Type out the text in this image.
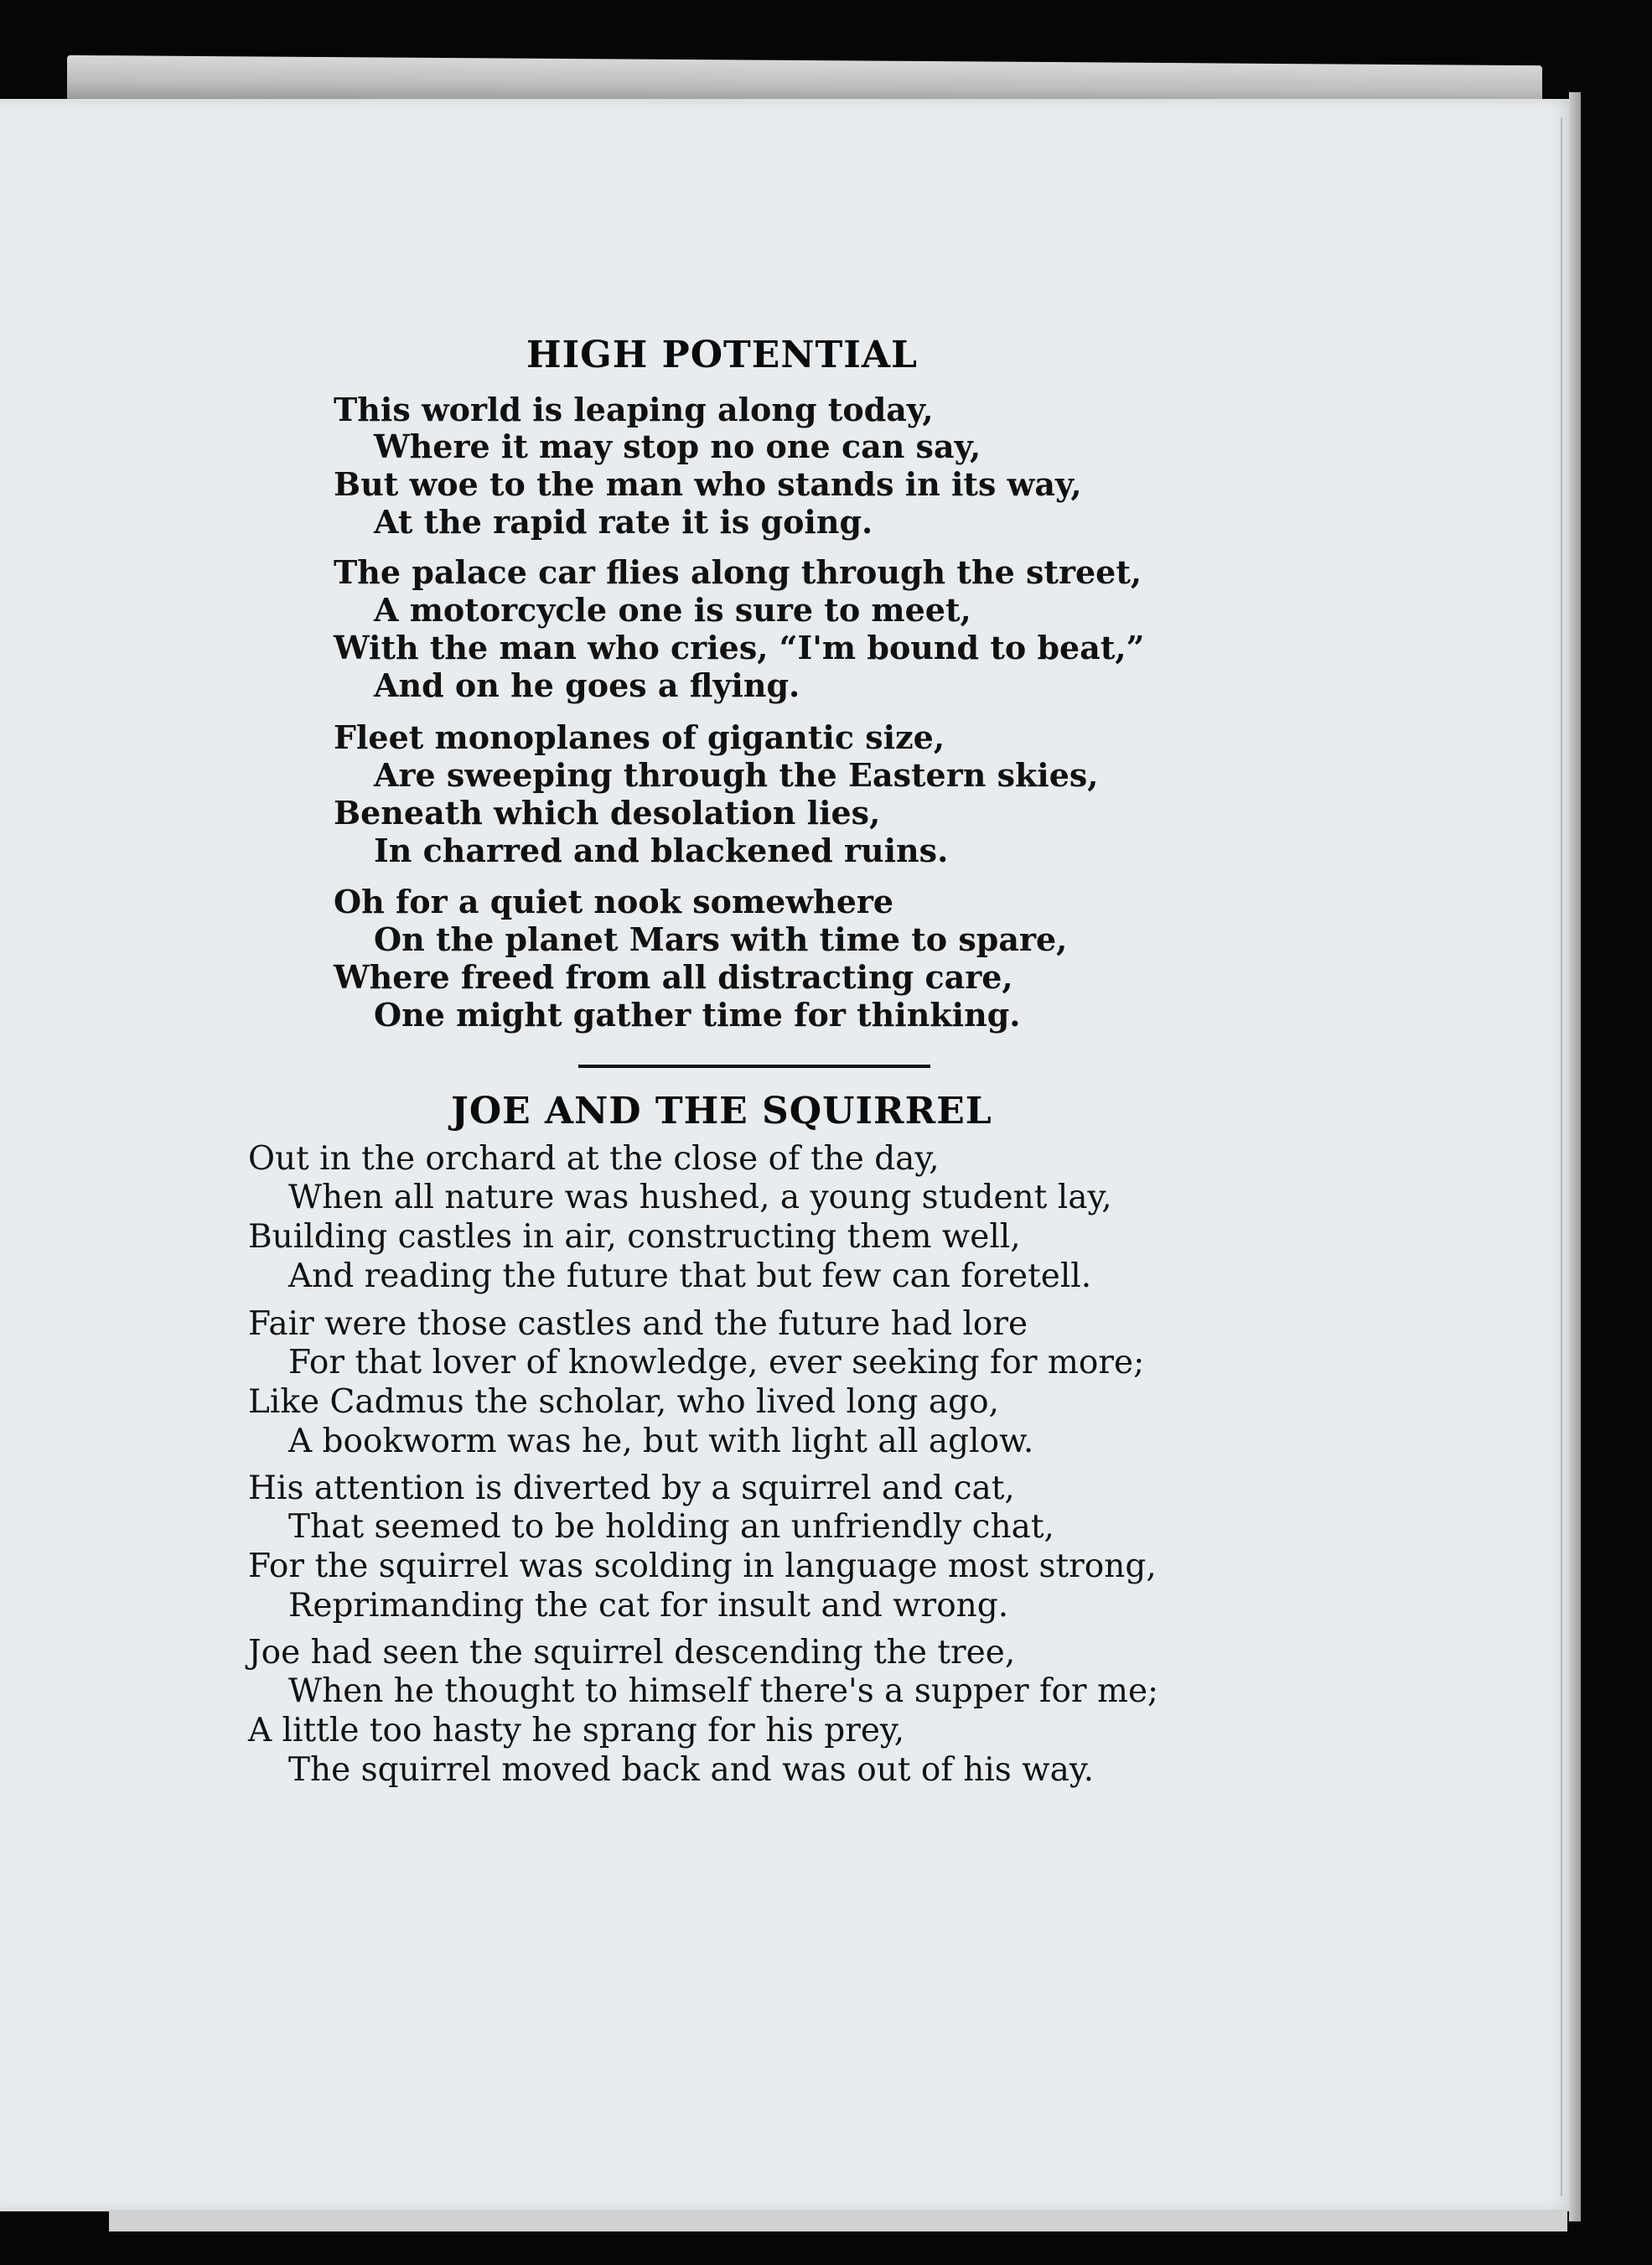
HIGH POTENTIAL
This world is leaping along today,
Where it may stop no one can say,
But woe to the man who stands in its way,
At the rapid rate it is going.
The palace car flies along through the street,
A motorcycle one is sure to meet,
With the man who cries, “I'm bound to beat,”
And on he goes a flying.
Fleet monoplanes of gigantic size,
Are sweeping through the Eastern skies,
Beneath which desolation lies,
In charred and blackened ruins.
Oh for a quiet nook somewhere
On the planet Mars with time to spare,
Where freed from all distracting care,
One might gather time for thinking.
JOE AND THE SQUIRREL
Out in the orchard at the close of the day,
When all nature was hushed, a young student lay,
Building castles in air, constructing them well,
And reading the future that but few can foretell.
Fair were those castles and the future had lore
For that lover of knowledge, ever seeking for more;
Like Cadmus the scholar, who lived long ago,
A bookworm was he, but with light all aglow.
His attention is diverted by a squirrel and cat,
That seemed to be holding an unfriendly chat,
For the squirrel was scolding in language most strong,
Reprimanding the cat for insult and wrong.
Joe had seen the squirrel descending the tree,
When he thought to himself there's a supper for me;
A little too hasty he sprang for his prey,
The squirrel moved back and was out of his way.
